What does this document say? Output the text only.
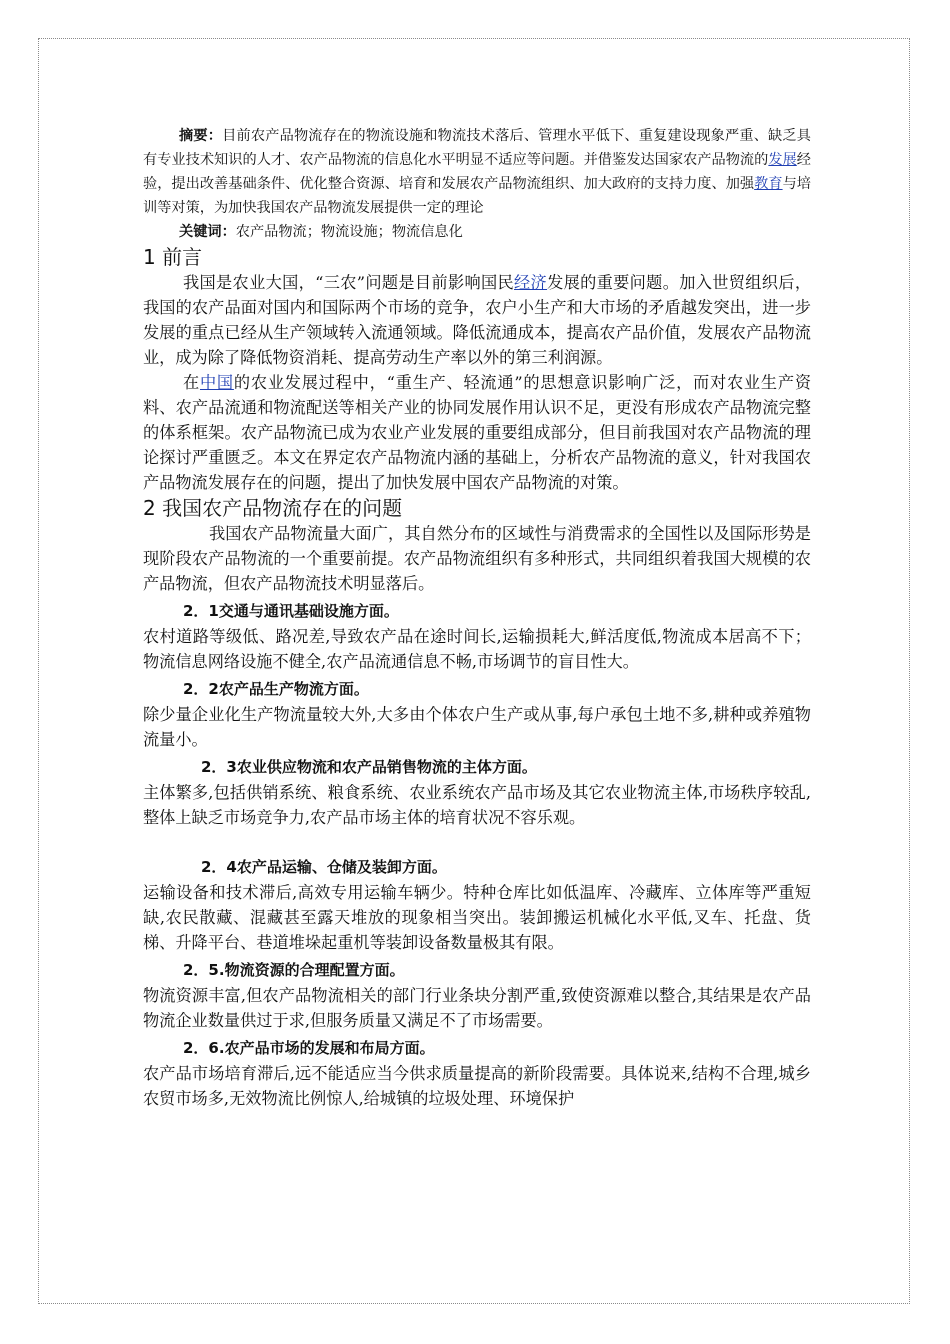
摘要：目前农产品物流存在的物流设施和物流技术落后、管理水平低下、重复建设现象严重、缺乏具有专业技术知识的人才、农产品物流的信息化水平明显不适应等问题。并借鉴发达国家农产品物流的发展经验，提出改善基础条件、优化整合资源、培育和发展农产品物流组织、加大政府的支持力度、加强教育与培训等对策，为加快我国农产品物流发展提供一定的理论

关键词：农产品物流；物流设施；物流信息化

1 前言

我国是农业大国，“三农”问题是目前影响国民经济发展的重要问题。加入世贸组织后，我国的农产品面对国内和国际两个市场的竞争，农户小生产和大市场的矛盾越发突出，进一步发展的重点已经从生产领域转入流通领域。降低流通成本，提高农产品价值，发展农产品物流业，成为除了降低物资消耗、提高劳动生产率以外的第三利润源。

在中国的农业发展过程中，“重生产、轻流通”的思想意识影响广泛，而对农业生产资料、农产品流通和物流配送等相关产业的协同发展作用认识不足，更没有形成农产品物流完整的体系框架。农产品物流已成为农业产业发展的重要组成部分，但目前我国对农产品物流的理论探讨严重匮乏。本文在界定农产品物流内涵的基础上，分析农产品物流的意义，针对我国农产品物流发展存在的问题，提出了加快发展中国农产品物流的对策。

2 我国农产品物流存在的问题

我国农产品物流量大面广，其自然分布的区域性与消费需求的全国性以及国际形势是现阶段农产品物流的一个重要前提。农产品物流组织有多种形式，共同组织着我国大规模的农产品物流，但农产品物流技术明显落后。

2．1交通与通讯基础设施方面。

农村道路等级低、路况差,导致农产品在途时间长,运输损耗大,鲜活度低,物流成本居高不下；物流信息网络设施不健全,农产品流通信息不畅,市场调节的盲目性大。

2．2农产品生产物流方面。

除少量企业化生产物流量较大外,大多由个体农户生产或从事,每户承包土地不多,耕种或养殖物流量小。

2．3农业供应物流和农产品销售物流的主体方面。

主体繁多,包括供销系统、粮食系统、农业系统农产品市场及其它农业物流主体,市场秩序较乱,整体上缺乏市场竞争力,农产品市场主体的培育状况不容乐观。

2．4农产品运输、仓储及装卸方面。

运输设备和技术滞后,高效专用运输车辆少。特种仓库比如低温库、冷藏库、立体库等严重短缺,农民散藏、混藏甚至露天堆放的现象相当突出。装卸搬运机械化水平低,叉车、托盘、货梯、升降平台、巷道堆垛起重机等装卸设备数量极其有限。

2．5.物流资源的合理配置方面。

物流资源丰富,但农产品物流相关的部门行业条块分割严重,致使资源难以整合,其结果是农产品物流企业数量供过于求,但服务质量又满足不了市场需要。

2．6.农产品市场的发展和布局方面。

农产品市场培育滞后,远不能适应当今供求质量提高的新阶段需要。具体说来,结构不合理,城乡农贸市场多,无效物流比例惊人,给城镇的垃圾处理、环境保护
